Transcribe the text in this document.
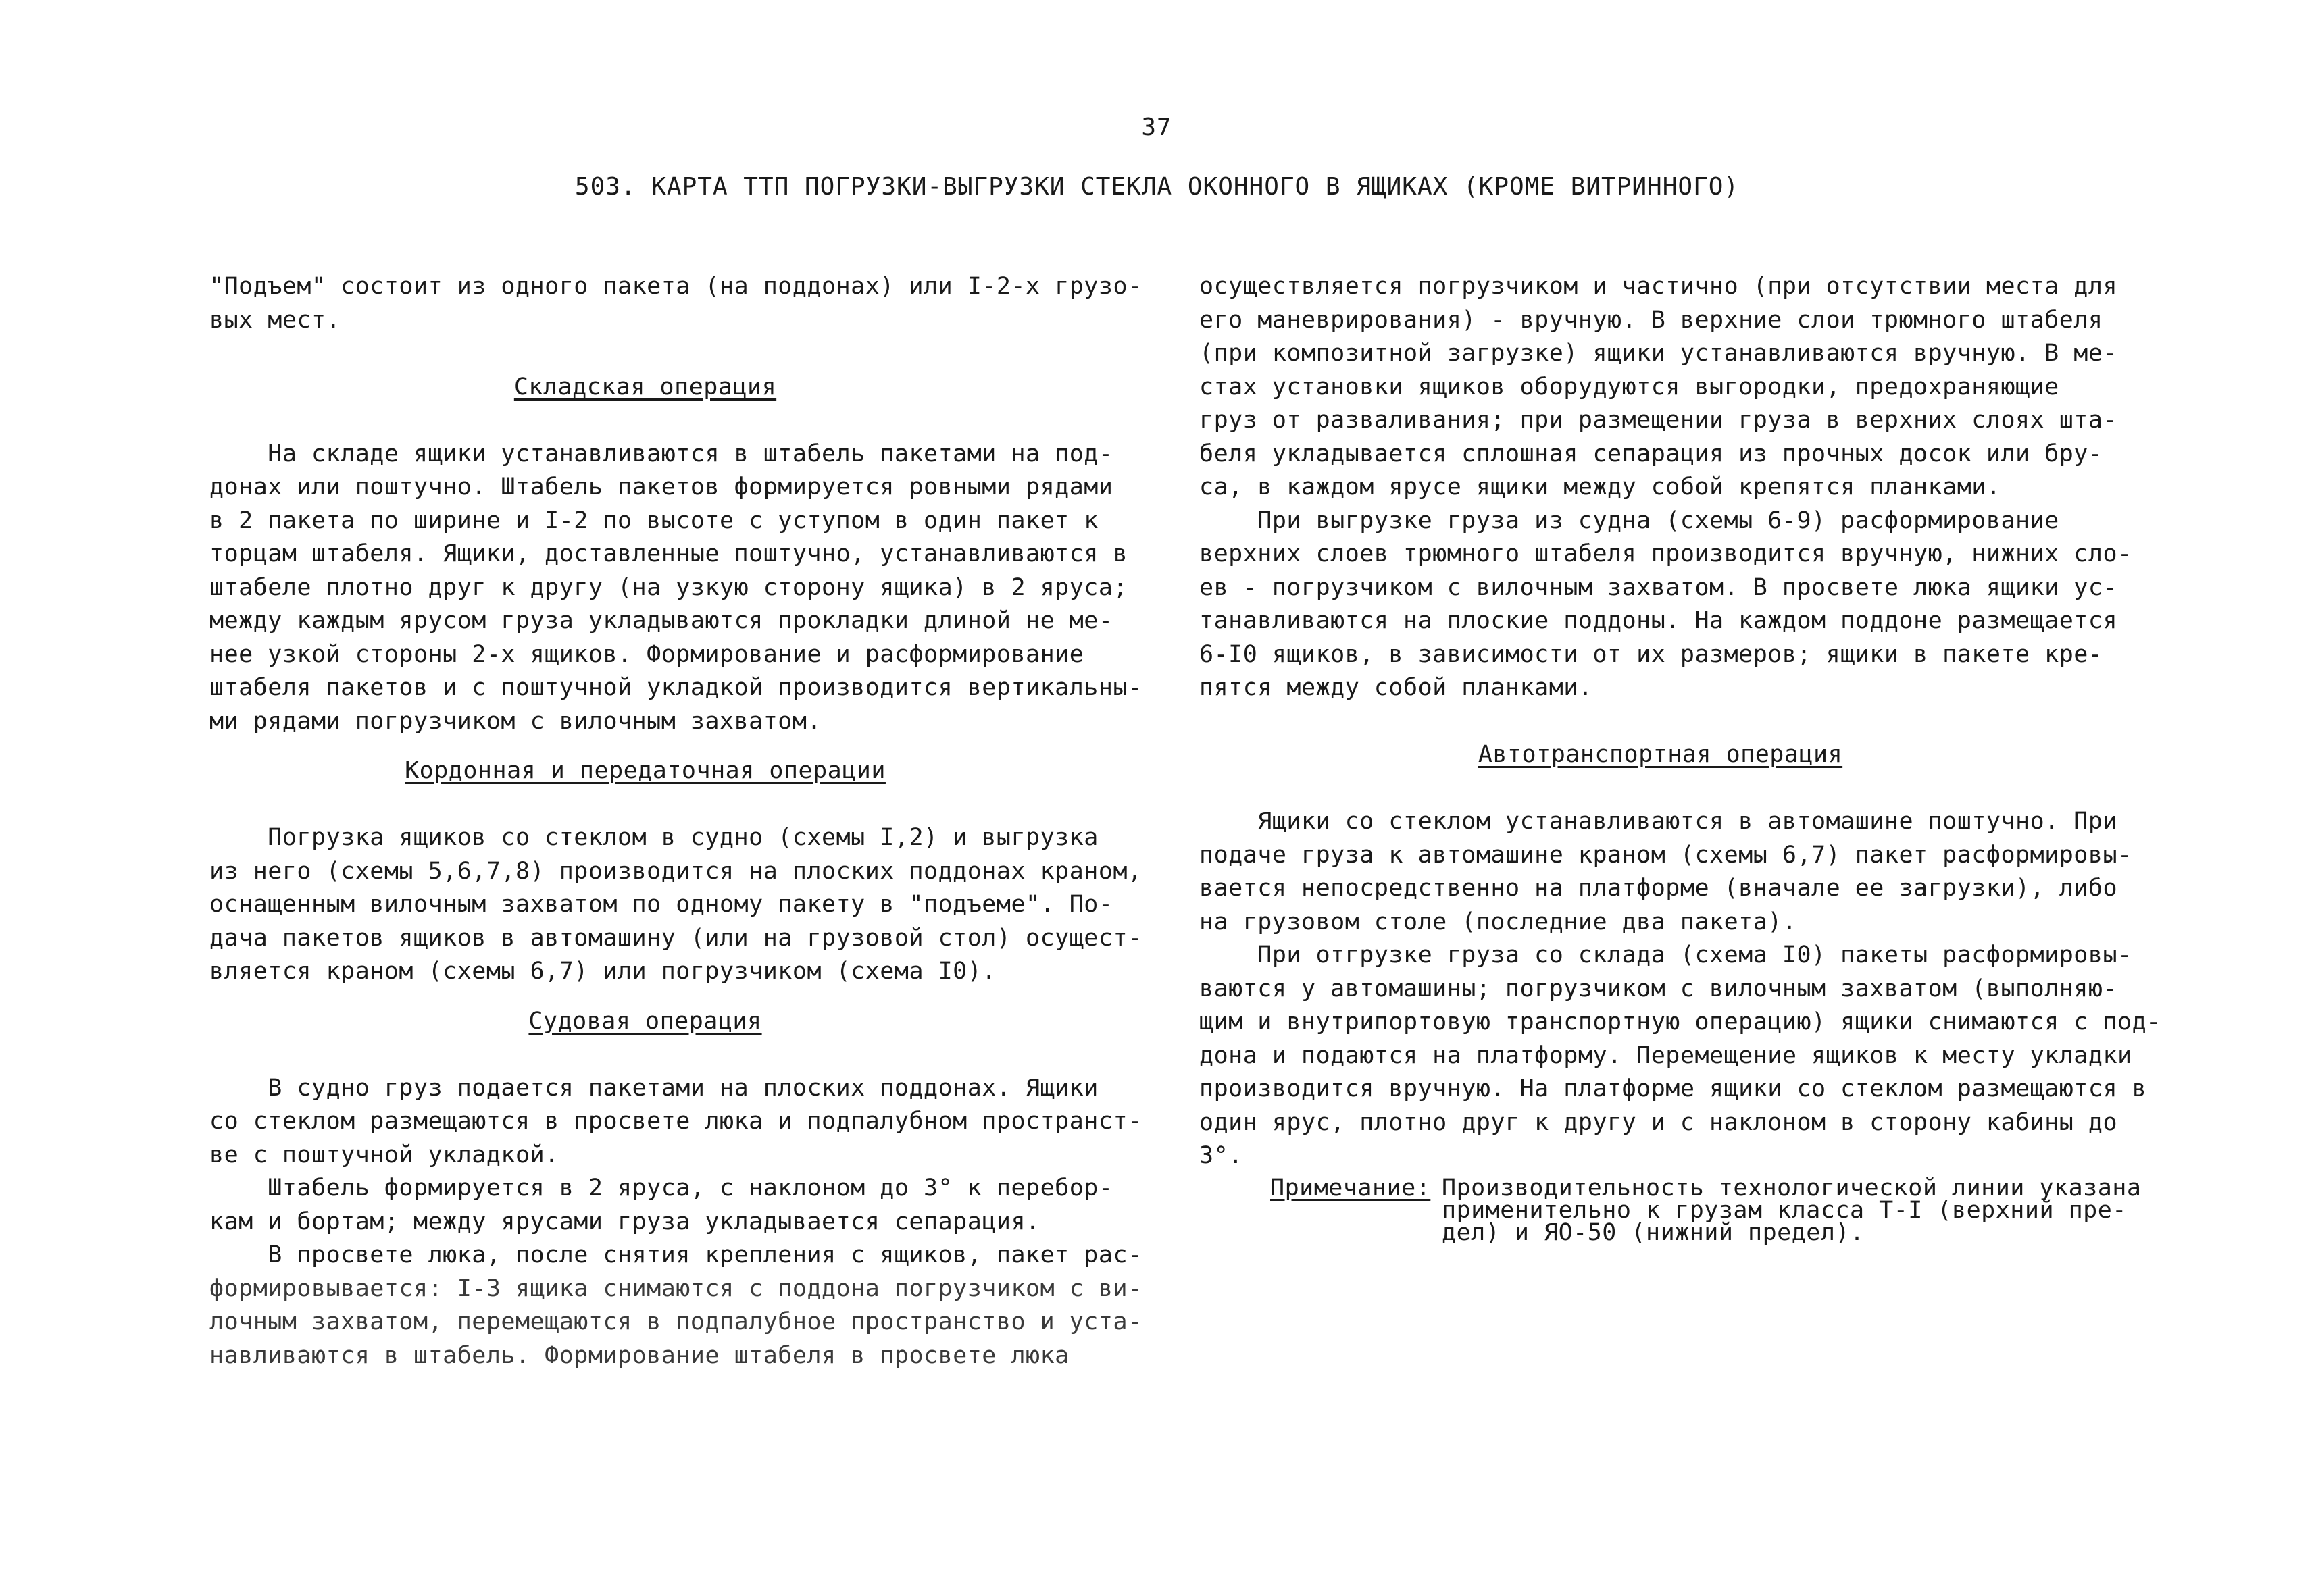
37
503. КАРТА ТТП ПОГРУЗКИ-ВЫГРУЗКИ СТЕКЛА ОКОННОГО В ЯЩИКАХ (КРОМЕ ВИТРИННОГО)
"Подъем" состоит из одного пакета (на поддонах) или I-2-х грузо-
вых мест.
Складская операция
На складе ящики устанавливаются в штабель пакетами на под-
донах или поштучно. Штабель пакетов формируется ровными рядами
в 2 пакета по ширине и I-2 по высоте с уступом в один пакет к
торцам штабеля. Ящики, доставленные поштучно, устанавливаются в
штабеле плотно друг к другу (на узкую сторону ящика) в 2 яруса;
между каждым ярусом груза укладываются прокладки длиной не ме-
нее узкой стороны 2-х ящиков. Формирование и расформирование
штабеля пакетов и с поштучной укладкой производится вертикальны-
ми рядами погрузчиком с вилочным захватом.
Кордонная и передаточная операции
Погрузка ящиков со стеклом в судно (схемы I,2) и выгрузка
из него (схемы 5,6,7,8) производится на плоских поддонах краном,
оснащенным вилочным захватом по одному пакету в "подъеме". По-
дача пакетов ящиков в автомашину (или на грузовой стол) осущест-
вляется краном (схемы 6,7) или погрузчиком (схема I0).
Судовая операция
В судно груз подается пакетами на плоских поддонах. Ящики
со стеклом размещаются в просвете люка и подпалубном пространст-
ве с поштучной укладкой.
Штабель формируется в 2 яруса, с наклоном до 3° к перебор-
кам и бортам; между ярусами груза укладывается сепарация.
В просвете люка, после снятия крепления с ящиков, пакет рас-
формировывается: I-3 ящика снимаются с поддона погрузчиком с ви-
лочным захватом, перемещаются в подпалубное пространство и уста-
навливаются в штабель. Формирование штабеля в просвете люка
осуществляется погрузчиком и частично (при отсутствии места для
его маневрирования) - вручную. В верхние слои трюмного штабеля
(при композитной загрузке) ящики устанавливаются вручную. В ме-
стах установки ящиков оборудуются выгородки, предохраняющие
груз от разваливания; при размещении груза в верхних слоях шта-
беля укладывается сплошная сепарация из прочных досок или бру-
са, в каждом ярусе ящики между собой крепятся планками.
При выгрузке груза из судна (схемы 6-9) расформирование
верхних слоев трюмного штабеля производится вручную, нижних сло-
ев - погрузчиком с вилочным захватом. В просвете люка ящики ус-
танавливаются на плоские поддоны. На каждом поддоне размещается
6-I0 ящиков, в зависимости от их размеров; ящики в пакете кре-
пятся между собой планками.
Автотранспортная операция
Ящики со стеклом устанавливаются в автомашине поштучно. При
подаче груза к автомашине краном (схемы 6,7) пакет расформировы-
вается непосредственно на платформе (вначале ее загрузки), либо
на грузовом столе (последние два пакета).
При отгрузке груза со склада (схема I0) пакеты расформировы-
ваются у автомашины; погрузчиком с вилочным захватом (выполняю-
щим и внутрипортовую транспортную операцию) ящики снимаются с под-
дона и подаются на платформу. Перемещение ящиков к месту укладки
производится вручную. На платформе ящики со стеклом размещаются в
один ярус, плотно друг к другу и с наклоном в сторону кабины до
3°.
Примечание: Производительность технологической линии указана
применительно к грузам класса Т-I (верхний пре-
дел) и ЯО-50 (нижний предел).
